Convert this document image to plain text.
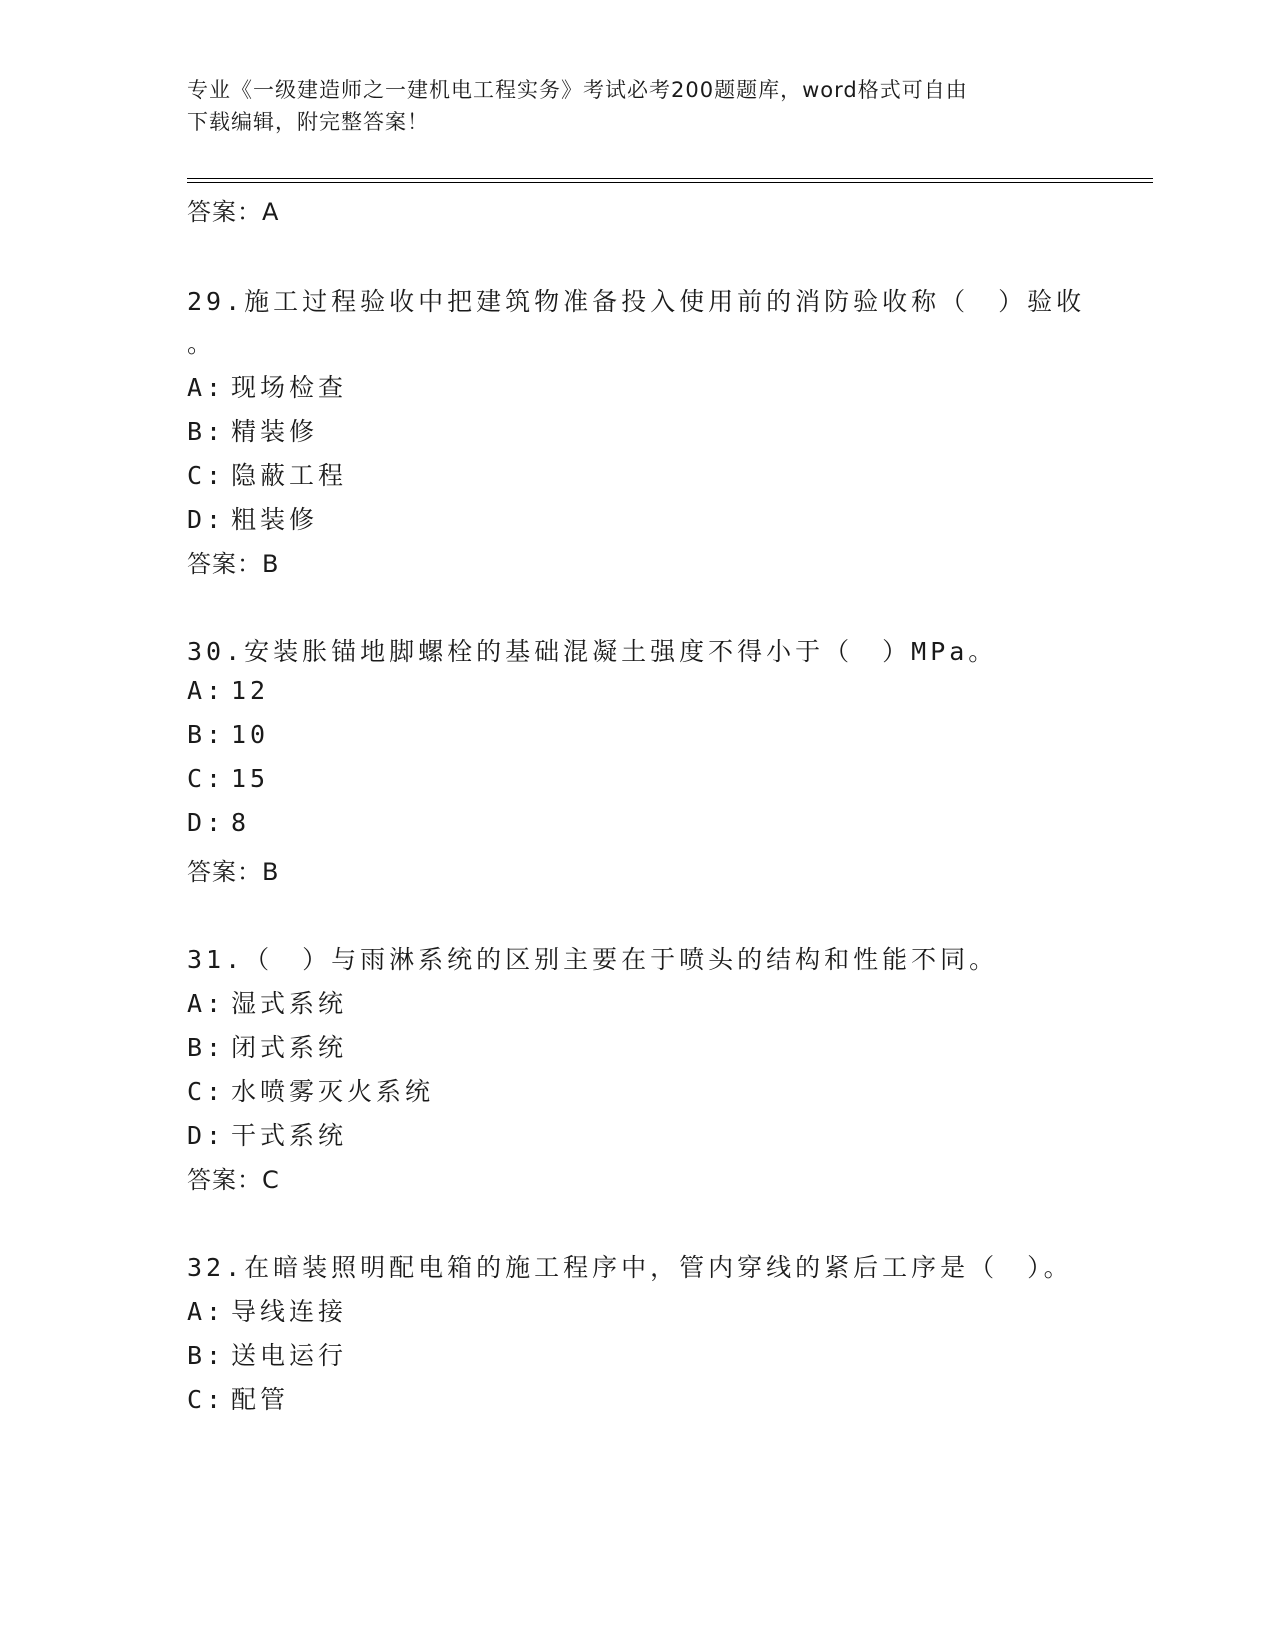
专业《一级建造师之一建机电工程实务》考试必考200题题库，word格式可自由
下载编辑，附完整答案！
答案：A
29.施工过程验收中把建筑物准备投入使用前的消防验收称（　）验收
。
A: 现场检查
B: 精装修
C: 隐蔽工程
D: 粗装修
答案：B
30.安装胀锚地脚螺栓的基础混凝土强度不得小于（　）MPa。
A: 12
B: 10
C: 15
D: 8
答案：B
31.（　）与雨淋系统的区别主要在于喷头的结构和性能不同。
A: 湿式系统
B: 闭式系统
C: 水喷雾灭火系统
D: 干式系统
答案：C
32.在暗装照明配电箱的施工程序中，管内穿线的紧后工序是（　）。
A: 导线连接
B: 送电运行
C: 配管
